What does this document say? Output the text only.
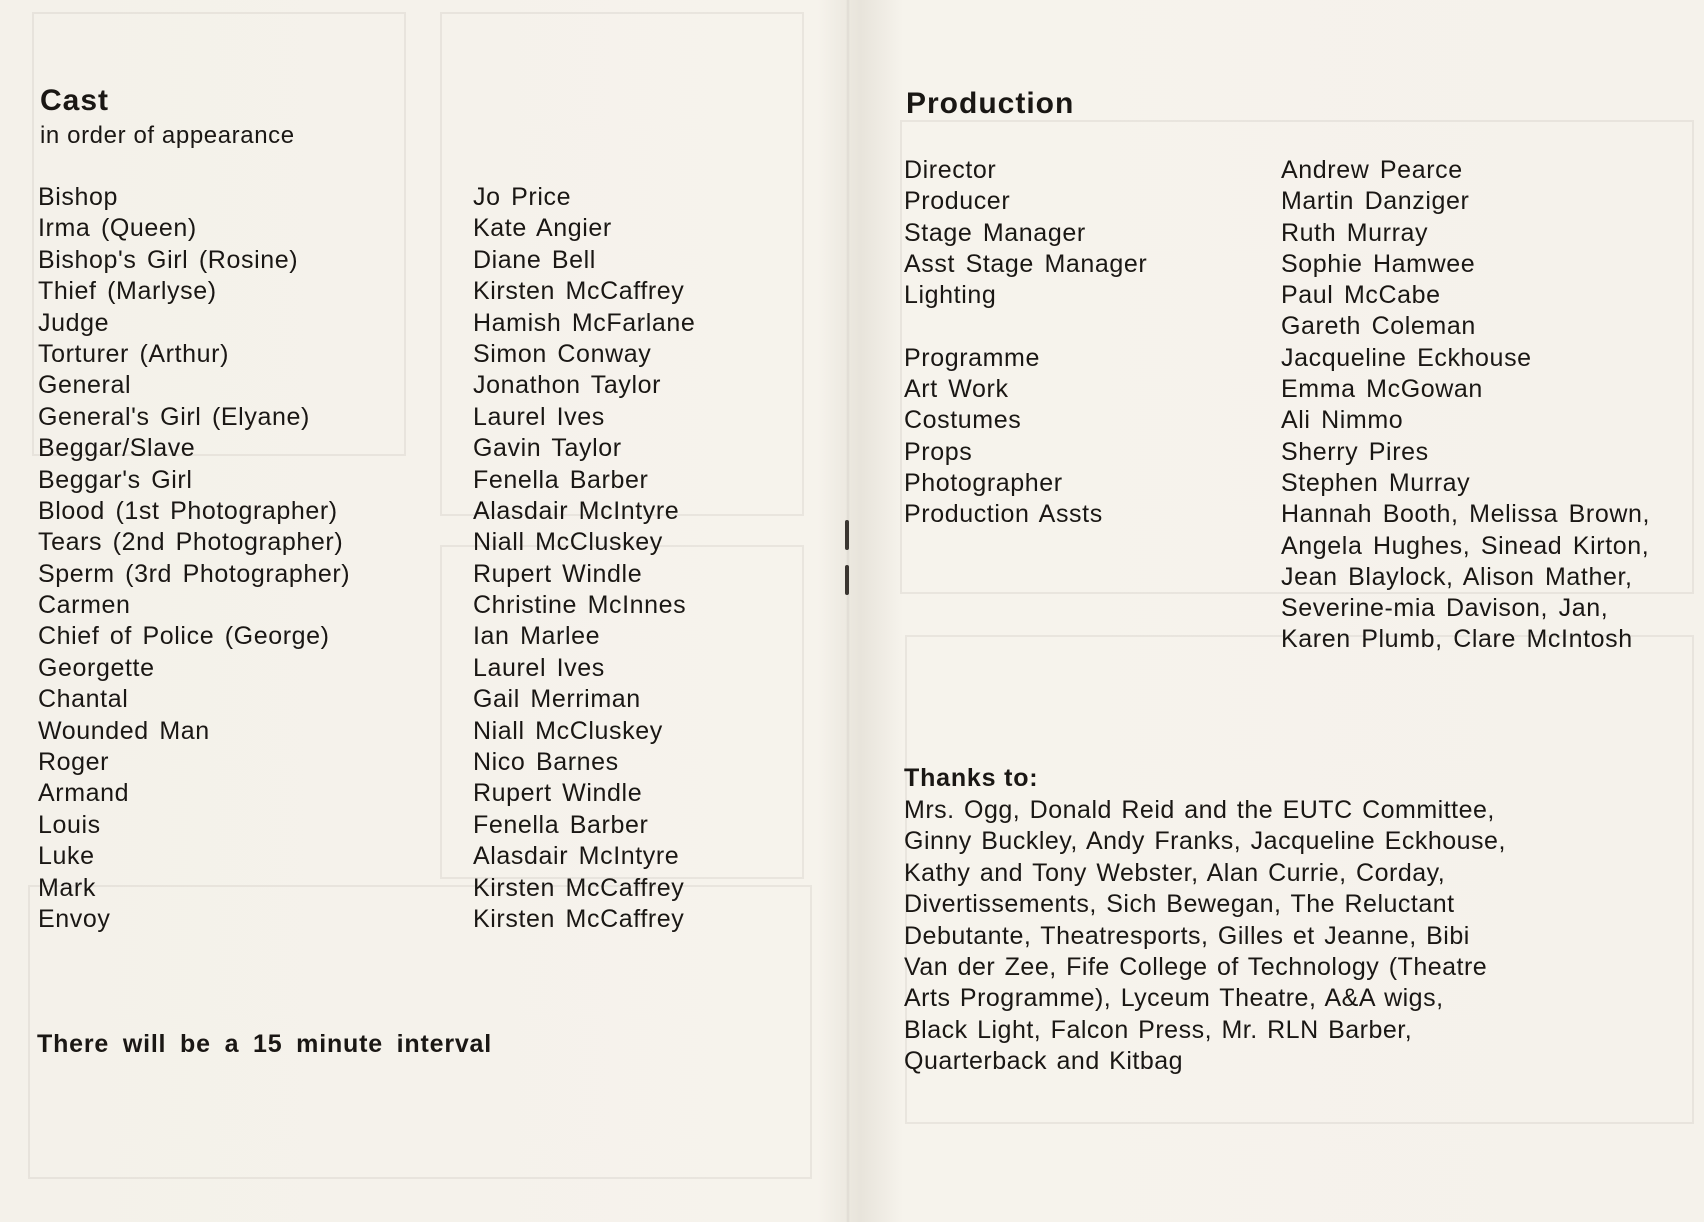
Cast

in order of appearance

Bishop
Irma (Queen)
Bishop's Girl (Rosine)
Thief (Marlyse)
Judge
Torturer (Arthur)
General
General's Girl (Elyane)
Beggar/Slave
Beggar's Girl
Blood (1st Photographer)
Tears (2nd Photographer)
Sperm (3rd Photographer)
Carmen
Chief of Police (George)
Georgette
Chantal
Wounded Man
Roger
Armand
Louis
Luke
Mark
Envoy
Jo Price
Kate Angier
Diane Bell
Kirsten McCaffrey
Hamish McFarlane
Simon Conway
Jonathon Taylor
Laurel Ives
Gavin Taylor
Fenella Barber
Alasdair McIntyre
Niall McCluskey
Rupert Windle
Christine McInnes
Ian Marlee
Laurel Ives
Gail Merriman
Niall McCluskey
Nico Barnes
Rupert Windle
Fenella Barber
Alasdair McIntyre
Kirsten McCaffrey
Kirsten McCaffrey

There will be a 15 minute interval

Production
Director
Producer
Stage Manager
Asst Stage Manager
Lighting
Programme
Art Work
Costumes
Props
Photographer
Production Assts
Andrew Pearce
Martin Danziger
Ruth Murray
Sophie Hamwee
Paul McCabe
Gareth Coleman
Jacqueline Eckhouse
Emma McGowan
Ali Nimmo
Sherry Pires
Stephen Murray
Hannah Booth, Melissa Brown,
Angela Hughes, Sinead Kirton,
Jean Blaylock, Alison Mather,
Severine-mia Davison, Jan,
Karen Plumb, Clare McIntosh

Thanks to:

Mrs. Ogg, Donald Reid and the EUTC Committee,
Ginny Buckley, Andy Franks, Jacqueline Eckhouse,
Kathy and Tony Webster, Alan Currie, Corday,
Divertissements, Sich Bewegan, The Reluctant
Debutante, Theatresports, Gilles et Jeanne, Bibi
Van der Zee, Fife College of Technology (Theatre
Arts Programme), Lyceum Theatre, A&A wigs,
Black Light, Falcon Press, Mr. RLN Barber,
Quarterback and Kitbag
